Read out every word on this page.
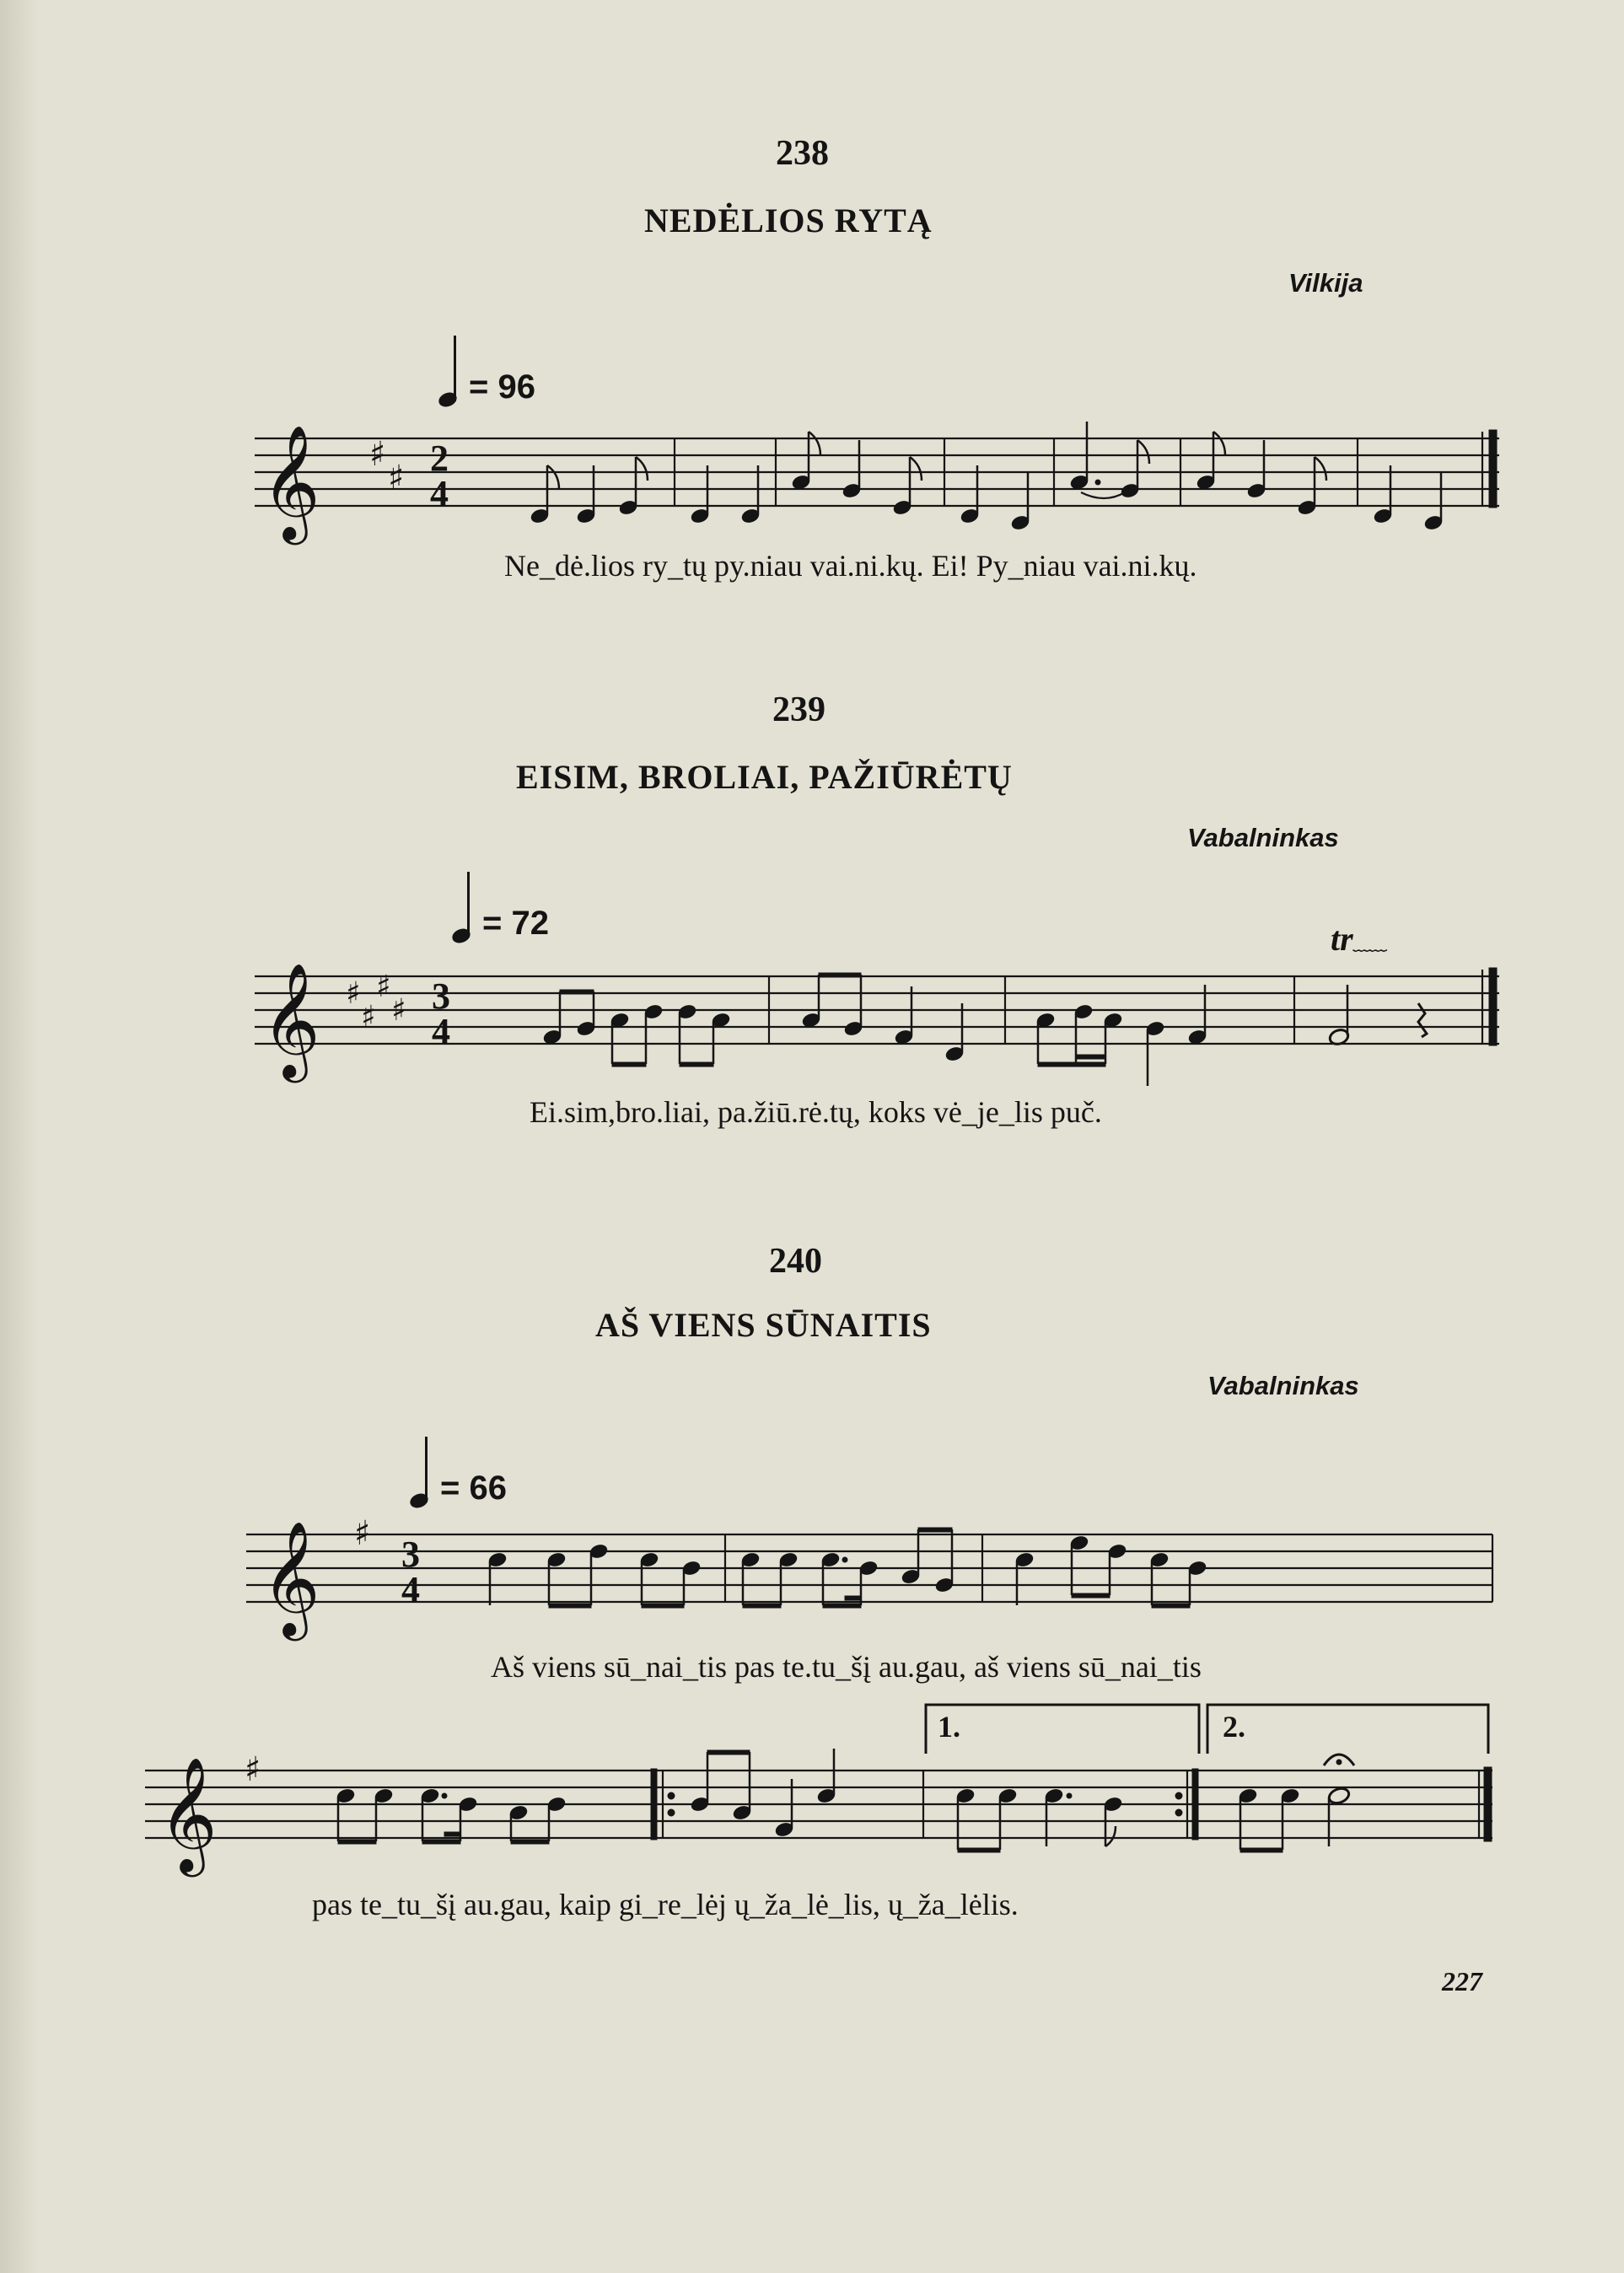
238
NEDĖLIOS RYTĄ
Vilkija
= 96
𝄞 ♯
♯ 2
4
Ne_dė.lios ry_tų py.niau vai.ni.kų. Ei! Py_niau vai.ni.kų.
239
EISIM, BROLIAI, PAŽIŪRĖTŲ
Vabalninkas
= 72	tr﹏﹏
𝄞 ♯
♯
♯
♯ 3
4
Ei.sim,bro.liai, pa.žiū.rė.tų, koks vė_je_lis puč.
240
AŠ VIENS SŪNAITIS
Vabalninkas
= 66
𝄞 ♯
3
4
Aš viens sū_nai_tis pas te.tu_šį au.gau, aš viens sū_nai_tis
𝄞 ♯
1.	2.
pas te_tu_šį au.gau, kaip gi_re_lėj ų_ža_lė_lis, ų_ža_lėlis.
227
